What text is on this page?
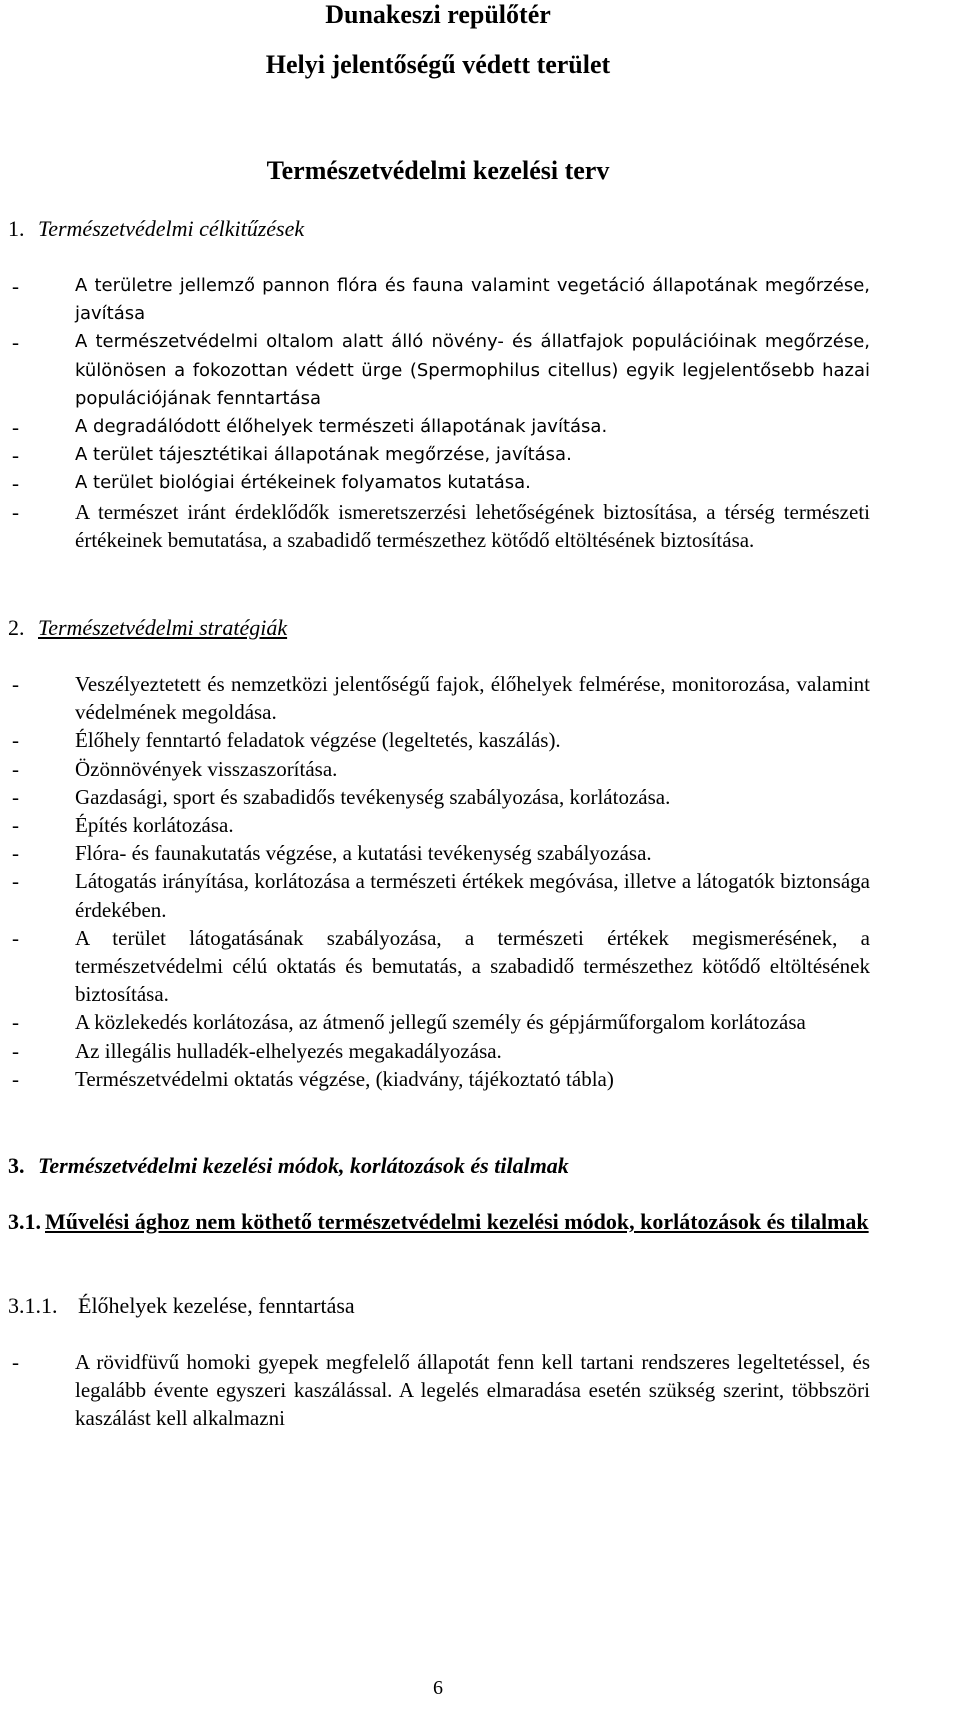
Dunakeszi repülőtér
Helyi jelentőségű védett terület
Természetvédelmi kezelési terv
1. Természetvédelmi célkitűzések
- A területre jellemző pannon flóra és fauna valamint vegetáció állapotának megőrzése, javítása
- A természetvédelmi oltalom alatt álló növény- és állatfajok populációinak megőrzése, különösen a fokozottan védett ürge (Spermophilus citellus) egyik legjelentősebb hazai populációjának fenntartása
- A degradálódott élőhelyek természeti állapotának javítása.
- A terület tájesztétikai állapotának megőrzése, javítása.
- A terület biológiai értékeinek folyamatos kutatása.
- A természet iránt érdeklődők ismeretszerzési lehetőségének biztosítása, a térség természeti értékeinek bemutatása, a szabadidő természethez kötődő eltöltésének biztosítása.
2. Természetvédelmi stratégiák
- Veszélyeztetett és nemzetközi jelentőségű fajok, élőhelyek felmérése, monitorozása, valamint védelmének megoldása.
- Élőhely fenntartó feladatok végzése (legeltetés, kaszálás).
- Özönnövények visszaszorítása.
- Gazdasági, sport és szabadidős tevékenység szabályozása, korlátozása.
- Építés korlátozása.
- Flóra- és faunakutatás végzése, a kutatási tevékenység szabályozása.
- Látogatás irányítása, korlátozása a természeti értékek megóvása, illetve a látogatók biztonsága érdekében.
- A terület látogatásának szabályozása, a természeti értékek megismerésének, a természetvédelmi célú oktatás és bemutatás, a szabadidő természethez kötődő eltöltésének biztosítása.
- A közlekedés korlátozása, az átmenő jellegű személy és gépjárműforgalom korlátozása
- Az illegális hulladék-elhelyezés megakadályozása.
- Természetvédelmi oktatás végzése, (kiadvány, tájékoztató tábla)
3. Természetvédelmi kezelési módok, korlátozások és tilalmak
3.1. Művelési ághoz nem köthető természetvédelmi kezelési módok, korlátozások és tilalmak
3.1.1. Élőhelyek kezelése, fenntartása
- A rövidfüvű homoki gyepek megfelelő állapotát fenn kell tartani rendszeres legeltetéssel, és legalább évente egyszeri kaszálással. A legelés elmaradása esetén szükség szerint, többszöri kaszálást kell alkalmazni
6
